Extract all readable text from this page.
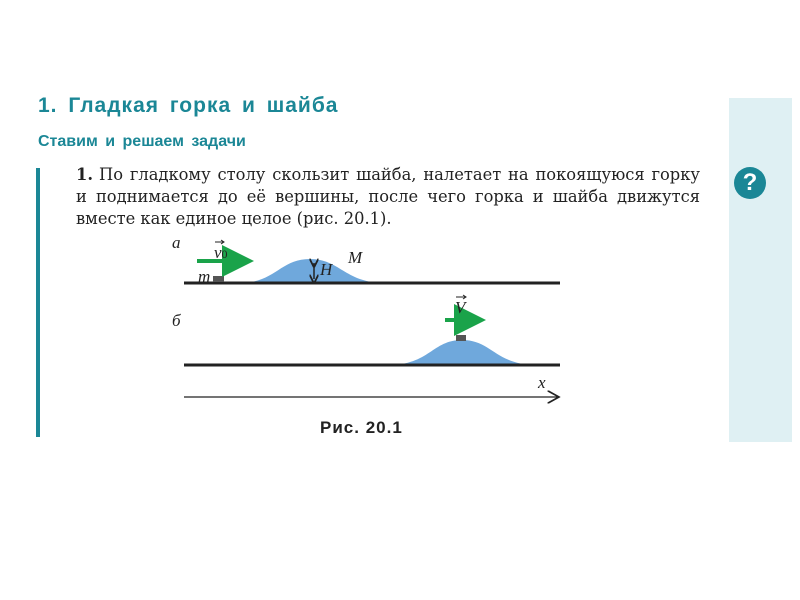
1. Гладкая горка и шайба
Ставим и решаем задачи
1. По гладкому столу скользит шайба, налетает на покоящуюся горку и поднимается до её вершины, после чего горка и шайба движутся вместе как единое целое (рис. 20.1).
?
а
v0
m	H
M
V
б
x
Рис. 20.1
